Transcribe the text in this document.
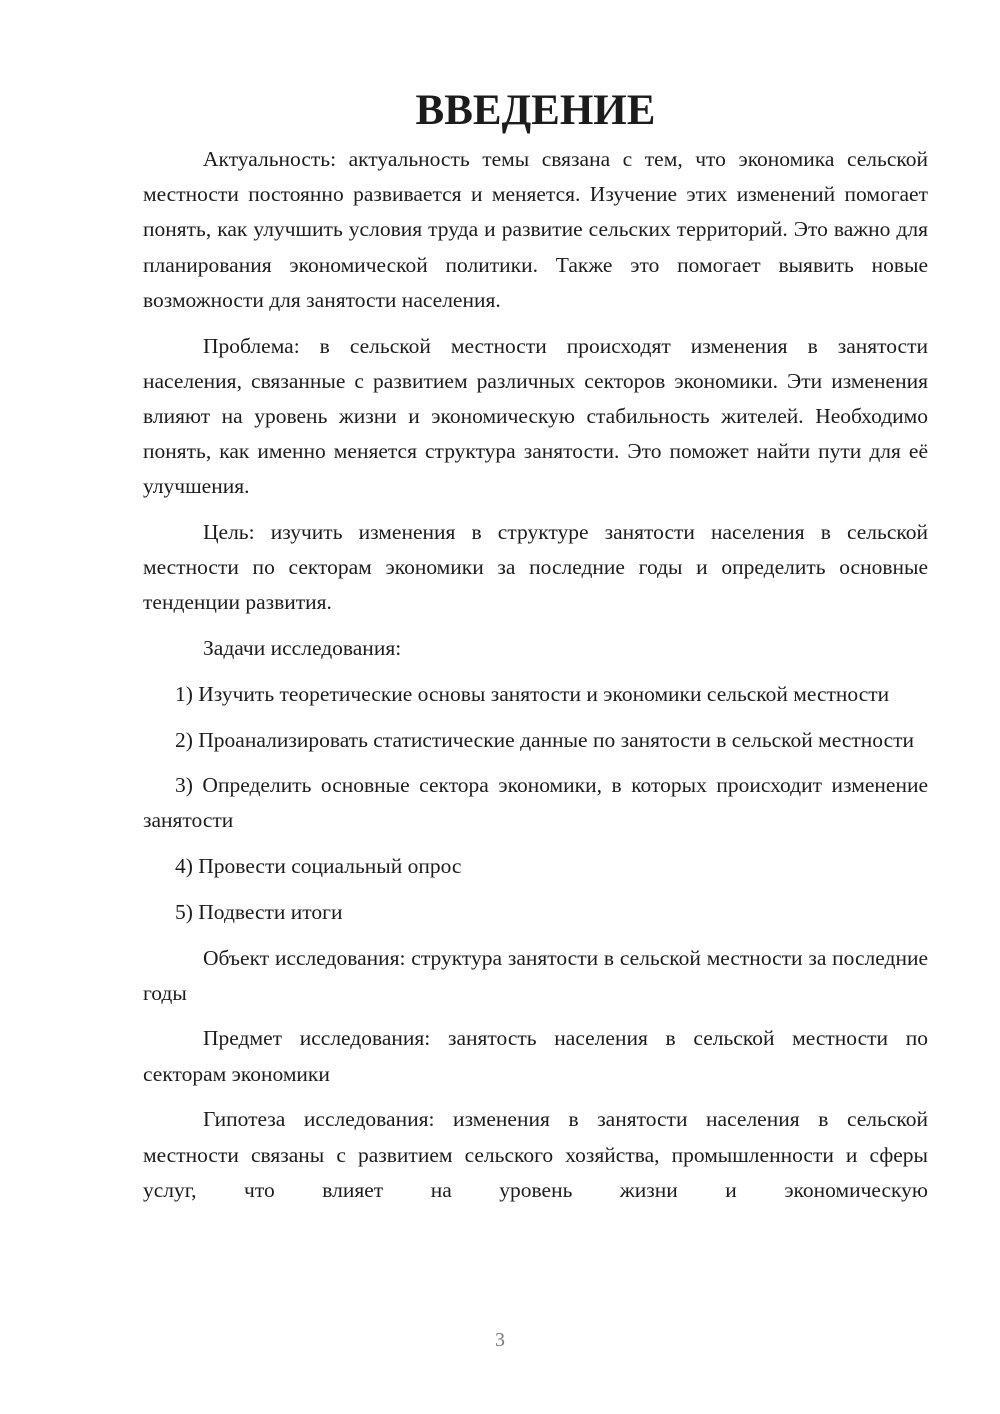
ВВЕДЕНИЕ

Актуальность: актуальность темы связана с тем, что экономика сельской местности постоянно развивается и меняется. Изучение этих изменений помогает понять, как улучшить условия труда и развитие сельских территорий. Это важно для планирования экономической политики. Также это помогает выявить новые возможности для занятости населения.

Проблема: в сельской местности происходят изменения в занятости населения, связанные с развитием различных секторов экономики. Эти изменения влияют на уровень жизни и экономическую стабильность жителей. Необходимо понять, как именно меняется структура занятости. Это поможет найти пути для её улучшения.

Цель: изучить изменения в структуре занятости населения в сельской местности по секторам экономики за последние годы и определить основные тенденции развития.

Задачи исследования:

1) Изучить теоретические основы занятости и экономики сельской местности

2) Проанализировать статистические данные по занятости в сельской местности

3) Определить основные сектора экономики, в которых происходит изменение занятости

4) Провести социальный опрос

5) Подвести итоги

Объект исследования: структура занятости в сельской местности за последние годы

Предмет исследования: занятость населения в сельской местности по секторам экономики

Гипотеза исследования: изменения в занятости населения в сельской местности связаны с развитием сельского хозяйства, промышленности и сферы услуг, что влияет на уровень жизни и экономическую

3
